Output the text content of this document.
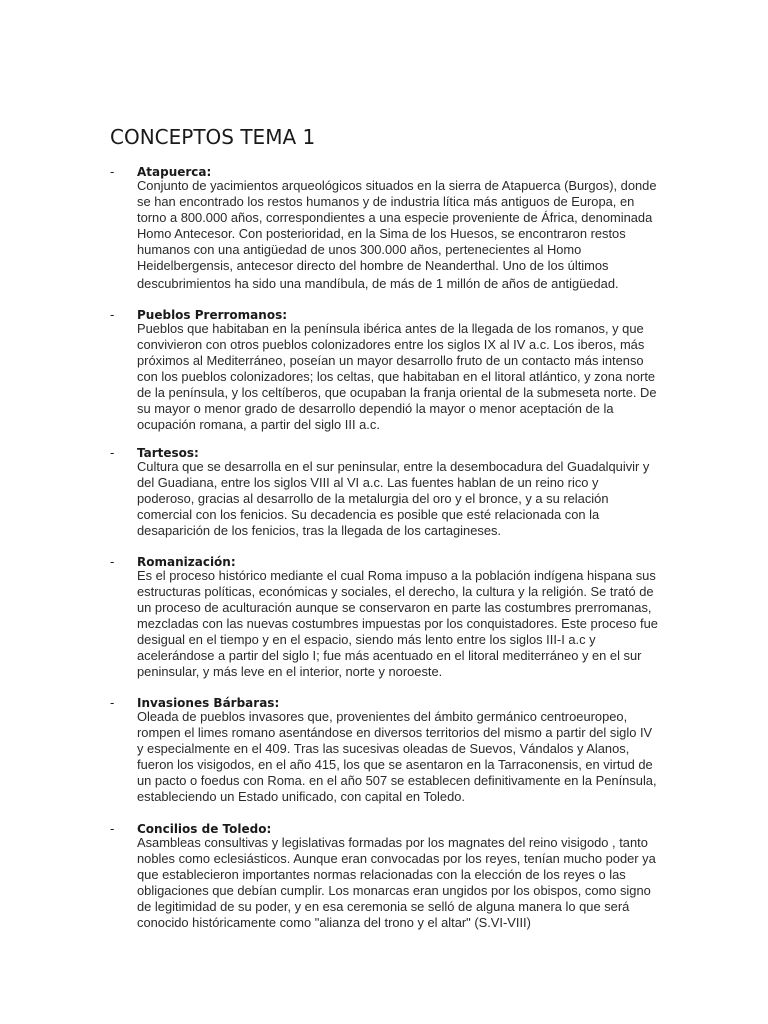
CONCEPTOS TEMA 1
- Atapuerca:
Conjunto de yacimientos arqueológicos situados en la sierra de Atapuerca (Burgos), donde
se han encontrado los restos humanos y de industria lítica más antiguos de Europa, en
torno a 800.000 años, correspondientes a una especie proveniente de África, denominada
Homo Antecesor. Con posterioridad, en la Sima de los Huesos, se encontraron restos
humanos con una antigüedad de unos 300.000 años, pertenecientes al Homo
Heidelbergensis, antecesor directo del hombre de Neanderthal. Uno de los últimos
descubrimientos ha sido una mandíbula, de más de 1 millón de años de antigüedad.
- Pueblos Prerromanos:
Pueblos que habitaban en la península ibérica antes de la llegada de los romanos, y que
convivieron con otros pueblos colonizadores entre los siglos IX al IV a.c. Los iberos, más
próximos al Mediterráneo, poseían un mayor desarrollo fruto de un contacto más intenso
con los pueblos colonizadores; los celtas, que habitaban en el litoral atlántico, y zona norte
de la península, y los celtíberos, que ocupaban la franja oriental de la submeseta norte. De
su mayor o menor grado de desarrollo dependió la mayor o menor aceptación de la
ocupación romana, a partir del siglo III a.c.
- Tartesos:
Cultura que se desarrolla en el sur peninsular, entre la desembocadura del Guadalquivir y
del Guadiana, entre los siglos VIII al VI a.c. Las fuentes hablan de un reino rico y
poderoso, gracias al desarrollo de la metalurgia del oro y el bronce, y a su relación
comercial con los fenicios. Su decadencia es posible que esté relacionada con la
desaparición de los fenicios, tras la llegada de los cartagineses.
- Romanización:
Es el proceso histórico mediante el cual Roma impuso a la población indígena hispana sus
estructuras políticas, económicas y sociales, el derecho, la cultura y la religión. Se trató de
un proceso de aculturación aunque se conservaron en parte las costumbres prerromanas,
mezcladas con las nuevas costumbres impuestas por los conquistadores. Este proceso fue
desigual en el tiempo y en el espacio, siendo más lento entre los siglos III-I a.c y
acelerándose a partir del siglo I; fue más acentuado en el litoral mediterráneo y en el sur
peninsular, y más leve en el interior, norte y noroeste.
- Invasiones Bárbaras:
Oleada de pueblos invasores que, provenientes del ámbito germánico centroeuropeo,
rompen el limes romano asentándose en diversos territorios del mismo a partir del siglo IV
y especialmente en el 409. Tras las sucesivas oleadas de Suevos, Vándalos y Alanos,
fueron los visigodos, en el año 415, los que se asentaron en la Tarraconensis, en virtud de
un pacto o foedus con Roma. en el año 507 se establecen definitivamente en la Península,
estableciendo un Estado unificado, con capital en Toledo.
- Concilios de Toledo:
Asambleas consultivas y legislativas formadas por los magnates del reino visigodo , tanto
nobles como eclesiásticos. Aunque eran convocadas por los reyes, tenían mucho poder ya
que establecieron importantes normas relacionadas con la elección de los reyes o las
obligaciones que debían cumplir. Los monarcas eran ungidos por los obispos, como signo
de legitimidad de su poder, y en esa ceremonia se selló de alguna manera lo que será
conocido históricamente como "alianza del trono y el altar" (S.VI-VIII)
